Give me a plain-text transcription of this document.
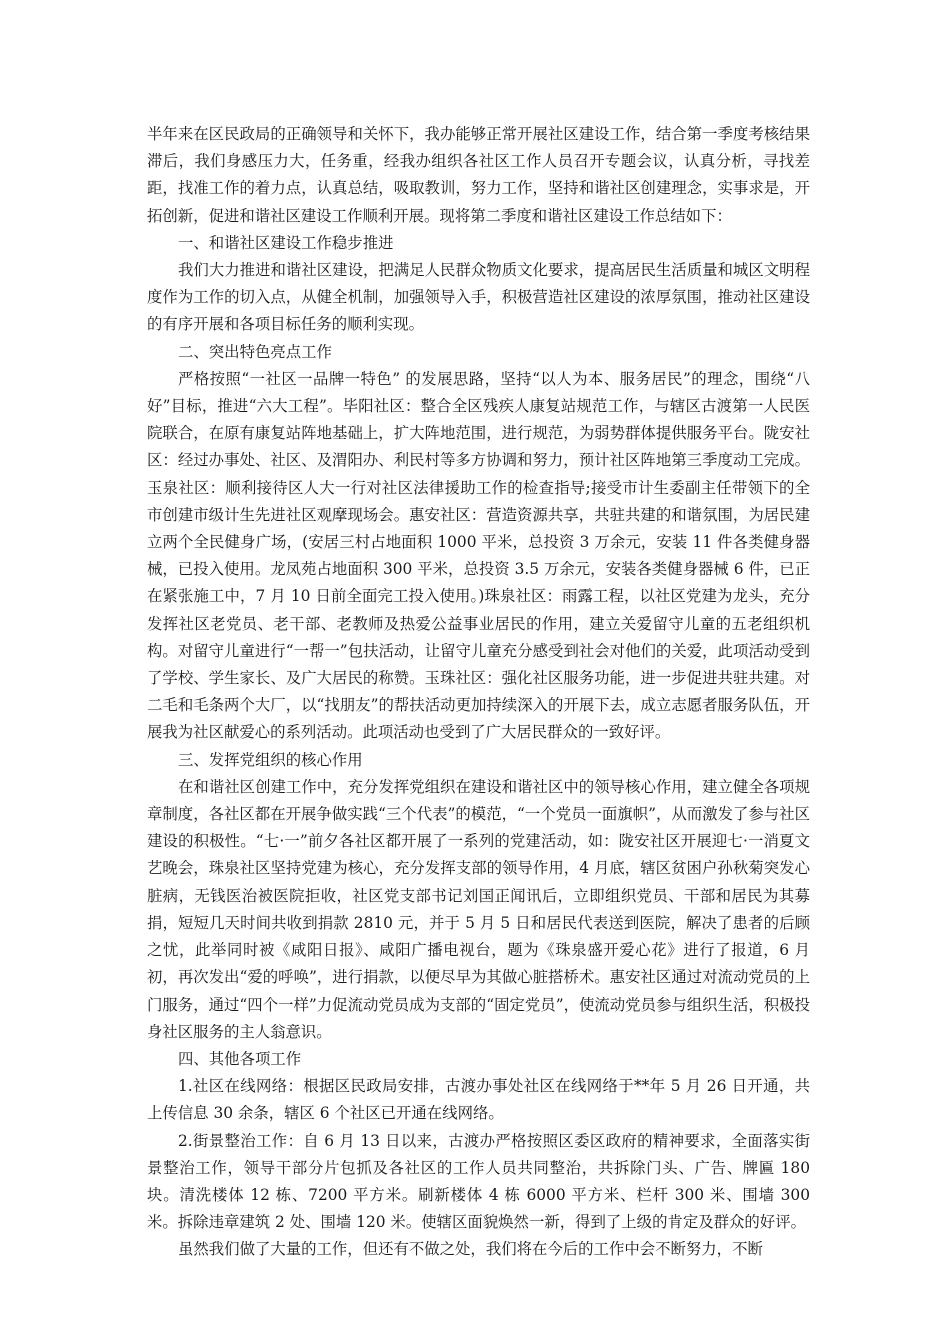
半年来在区民政局的正确领导和关怀下，我办能够正常开展社区建设工作，结合第一季度考核结果滞后，我们身感压力大，任务重，经我办组织各社区工作人员召开专题会议，认真分析，寻找差距，找准工作的着力点，认真总结，吸取教训，努力工作，坚持和谐社区创建理念，实事求是，开拓创新，促进和谐社区建设工作顺利开展。现将第二季度和谐社区建设工作总结如下：

一、和谐社区建设工作稳步推进

我们大力推进和谐社区建设，把满足人民群众物质文化要求，提高居民生活质量和城区文明程度作为工作的切入点，从健全机制，加强领导入手，积极营造社区建设的浓厚氛围，推动社区建设的有序开展和各项目标任务的顺利实现。

二、突出特色亮点工作

严格按照“一社区一品牌一特色” 的发展思路，坚持“以人为本、服务居民”的理念，围绕“八好”目标，推进“六大工程”。毕阳社区：整合全区残疾人康复站规范工作，与辖区古渡第一人民医院联合，在原有康复站阵地基础上，扩大阵地范围，进行规范，为弱势群体提供服务平台。陇安社区：经过办事处、社区、及渭阳办、利民村等多方协调和努力，预计社区阵地第三季度动工完成。玉泉社区：顺利接待区人大一行对社区法律援助工作的检查指导;接受市计生委副主任带领下的全市创建市级计生先进社区观摩现场会。惠安社区：营造资源共享，共驻共建的和谐氛围，为居民建立两个全民健身广场，(安居三村占地面积 1000 平米，总投资 3 万余元，安装 11 件各类健身器械，已投入使用。龙凤苑占地面积 300 平米，总投资 3.5 万余元，安装各类健身器械 6 件，已正在紧张施工中，7 月 10 日前全面完工投入使用。)珠泉社区：雨露工程，以社区党建为龙头，充分发挥社区老党员、老干部、老教师及热爱公益事业居民的作用，建立关爱留守儿童的五老组织机构。对留守儿童进行“一帮一”包扶活动，让留守儿童充分感受到社会对他们的关爱，此项活动受到了学校、学生家长、及广大居民的称赞。玉珠社区：强化社区服务功能，进一步促进共驻共建。对二毛和毛条两个大厂，以“找朋友”的帮扶活动更加持续深入的开展下去，成立志愿者服务队伍，开展我为社区献爱心的系列活动。此项活动也受到了广大居民群众的一致好评。

三、发挥党组织的核心作用

在和谐社区创建工作中，充分发挥党组织在建设和谐社区中的领导核心作用，建立健全各项规章制度，各社区都在开展争做实践“三个代表”的模范，“一个党员一面旗帜”，从而激发了参与社区建设的积极性。“七·一”前夕各社区都开展了一系列的党建活动，如：陇安社区开展迎七·一消夏文艺晚会，珠泉社区坚持党建为核心，充分发挥支部的领导作用，4 月底，辖区贫困户孙秋菊突发心脏病，无钱医治被医院拒收，社区党支部书记刘国正闻讯后，立即组织党员、干部和居民为其募捐，短短几天时间共收到捐款 2810 元，并于 5 月 5 日和居民代表送到医院，解决了患者的后顾之忧，此举同时被《咸阳日报》、咸阳广播电视台，题为《珠泉盛开爱心花》进行了报道，6 月初，再次发出“爱的呼唤”，进行捐款，以便尽早为其做心脏搭桥术。惠安社区通过对流动党员的上门服务，通过“四个一样”力促流动党员成为支部的“固定党员”，使流动党员参与组织生活，积极投身社区服务的主人翁意识。

四、其他各项工作

1.社区在线网络：根据区民政局安排，古渡办事处社区在线网络于**年 5 月 26 日开通，共上传信息 30 余条，辖区 6 个社区已开通在线网络。

2.街景整治工作：自 6 月 13 日以来，古渡办严格按照区委区政府的精神要求，全面落实街景整治工作，领导干部分片包抓及各社区的工作人员共同整治，共拆除门头、广告、牌匾 180 块。清洗楼体 12 栋、7200 平方米。刷新楼体 4 栋 6000 平方米、栏杆 300 米、围墙 300 米。拆除违章建筑 2 处、围墙 120 米。使辖区面貌焕然一新，得到了上级的肯定及群众的好评。

虽然我们做了大量的工作，但还有不做之处，我们将在今后的工作中会不断努力，不断
